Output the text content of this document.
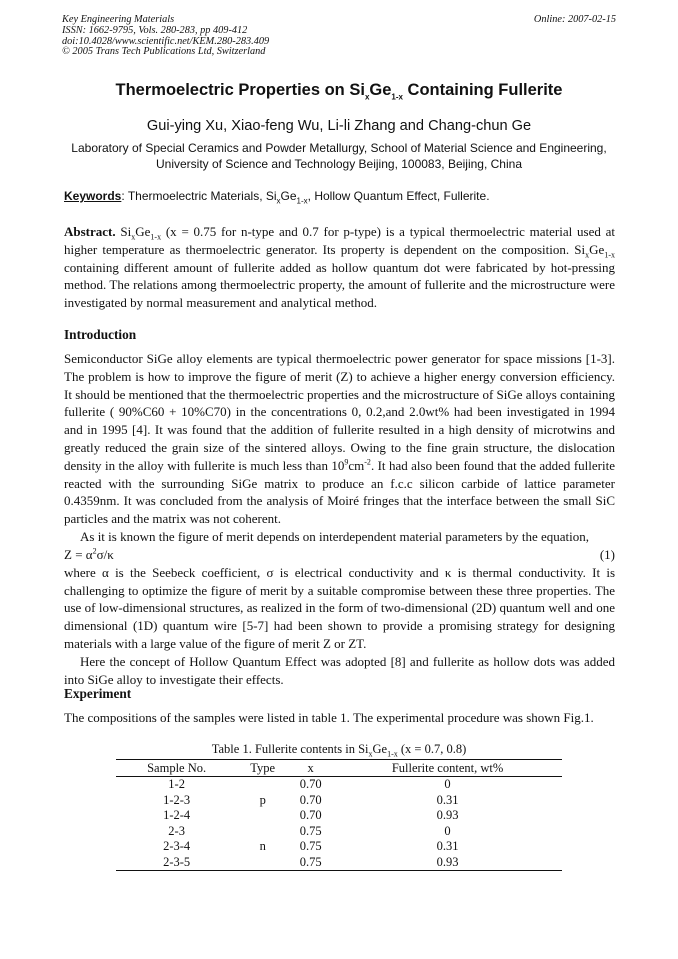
Key Engineering Materials
ISSN: 1662-9795, Vols. 280-283, pp 409-412
doi:10.4028/www.scientific.net/KEM.280-283.409
© 2005 Trans Tech Publications Ltd, Switzerland
Online: 2007-02-15
Thermoelectric Properties on $Si_xGe_{1-x}$ Containing Fullerite
Gui-ying Xu, Xiao-feng Wu, Li-li Zhang and Chang-chun Ge
Laboratory of Special Ceramics and Powder Metallurgy, School of Material Science and Engineering,
University of Science and Technology Beijing, 100083, Beijing, China
Keywords: Thermoelectric Materials, $Si_xGe_{1-x}$, Hollow Quantum Effect, Fullerite.

Abstract. $Si_xGe_{1-x}$ (x = 0.75 for n-type and 0.7 for p-type) is a typical thermoelectric material used at higher temperature as thermoelectric generator. Its property is dependent on the composition. $Si_xGe_{1-x}$ containing different amount of fullerite added as hollow quantum dot were fabricated by hot-pressing method. The relations among thermoelectric property, the amount of fullerite and the microstructure were investigated by normal measurement and analytical method.

Introduction

Semiconductor SiGe alloy elements are typical thermoelectric power generator for space missions [1-3]. The problem is how to improve the figure of merit (Z) to achieve a higher energy conversion efficiency. It should be mentioned that the thermoelectric properties and the microstructure of SiGe alloys containing fullerite ( 90%C60 + 10%C70) in the concentrations 0, 0.2,and 2.0wt% had been investigated in 1994 and in 1995 [4]. It was found that the addition of fullerite resulted in a high density of microtwins and greatly reduced the grain size of the sintered alloys. Owing to the fine grain structure, the dislocation density in the alloy with fullerite is much less than $10^9cm^{-2}$. It had also been found that the added fullerite reacted with the surrounding SiGe matrix to produce an f.c.c silicon carbide of lattice parameter 0.4359nm. It was concluded from the analysis of Moiré fringes that the interface between the small SiC particles and the matrix was not coherent.

As it is known the figure of merit depends on interdependent material parameters by the equation,

$Z = \alpha^2\sigma/\kappa$	(1)

where α is the Seebeck coefficient, σ is electrical conductivity and κ is thermal conductivity. It is challenging to optimize the figure of merit by a suitable compromise between these three properties. The use of low-dimensional structures, as realized in the form of two-dimensional (2D) quantum well and one dimensional (1D) quantum wire [5-7] had been shown to provide a promising strategy for designing materials with a large value of the figure of merit Z or ZT.

Here the concept of Hollow Quantum Effect was adopted [8] and fullerite as hollow dots was added into SiGe alloy to investigate their effects.

Experiment

The compositions of the samples were listed in table 1. The experimental procedure was shown Fig.1.

Table 1. Fullerite contents in $Si_xGe_{1-x}$ (x = 0.7, 0.8)
Sample No.	Type	x	Fullerite content, wt%
1-2		0.70	0
1-2-3	p	0.70	0.31
1-2-4		0.70	0.93
2-3		0.75	0
2-3-4	n	0.75	0.31
2-3-5		0.75	0.93
